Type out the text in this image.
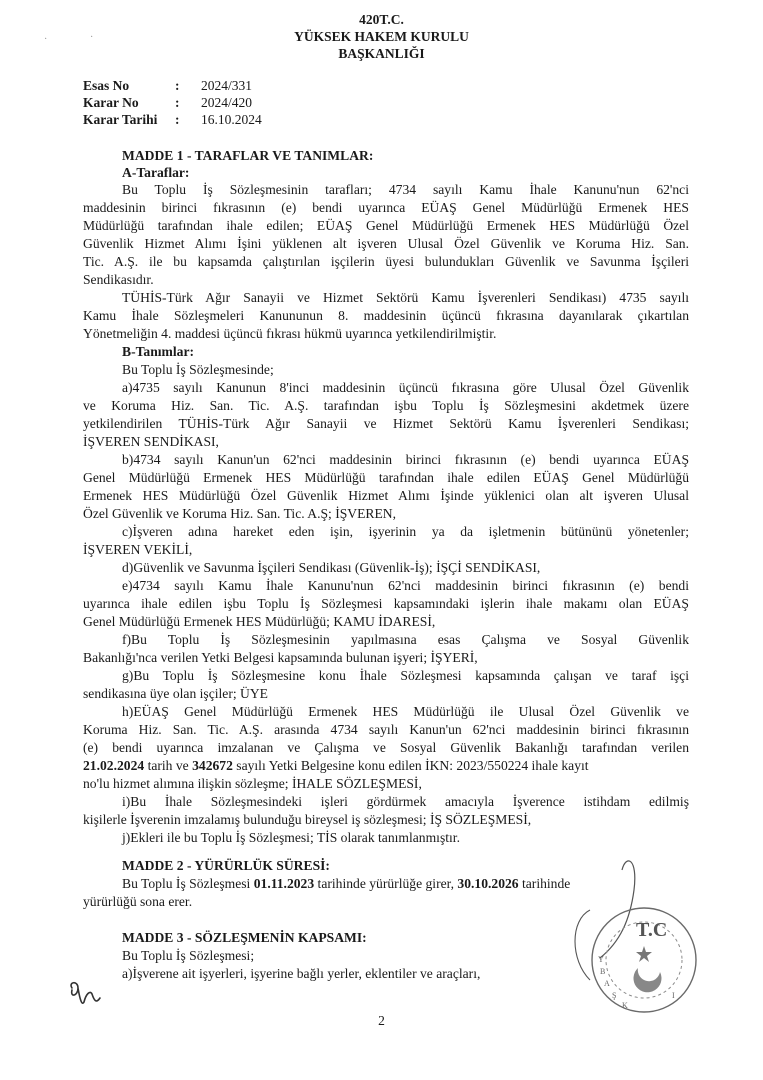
·	·
420T.C.
YÜKSEK HAKEM KURULU
BAŞKANLIĞI
Esas No	: 2024/331
Karar No	: 2024/420
Karar Tarihi : 16.10.2024
MADDE 1 - TARAFLAR VE TANIMLAR:
A-Taraflar:
Bu Toplu İş Sözleşmesinin tarafları; 4734 sayılı Kamu İhale Kanunu'nun 62'nci
maddesinin birinci fıkrasının (e) bendi uyarınca EÜAŞ Genel Müdürlüğü Ermenek HES
Müdürlüğü tarafından ihale edilen; EÜAŞ Genel Müdürlüğü Ermenek HES Müdürlüğü Özel
Güvenlik Hizmet Alımı İşini yüklenen alt işveren Ulusal Özel Güvenlik ve Koruma Hiz. San.
Tic. A.Ş. ile bu kapsamda çalıştırılan işçilerin üyesi bulundukları Güvenlik ve Savunma İşçileri
Sendikasıdır.
TÜHİS-Türk Ağır Sanayii ve Hizmet Sektörü Kamu İşverenleri Sendikası) 4735 sayılı
Kamu İhale Sözleşmeleri Kanununun 8. maddesinin üçüncü fıkrasına dayanılarak çıkartılan
Yönetmeliğin 4. maddesi üçüncü fıkrası hükmü uyarınca yetkilendirilmiştir.
B-Tanımlar:
Bu Toplu İş Sözleşmesinde;
a)4735 sayılı Kanunun 8'inci maddesinin üçüncü fıkrasına göre Ulusal Özel Güvenlik
ve Koruma Hiz. San. Tic. A.Ş. tarafından işbu Toplu İş Sözleşmesini akdetmek üzere
yetkilendirilen TÜHİS-Türk Ağır Sanayii ve Hizmet Sektörü Kamu İşverenleri Sendikası;
İŞVEREN SENDİKASI,
b)4734 sayılı Kanun'un 62'nci maddesinin birinci fıkrasının (e) bendi uyarınca EÜAŞ
Genel Müdürlüğü Ermenek HES Müdürlüğü tarafından ihale edilen EÜAŞ Genel Müdürlüğü
Ermenek HES Müdürlüğü Özel Güvenlik Hizmet Alımı İşinde yüklenici olan alt işveren Ulusal
Özel Güvenlik ve Koruma Hiz. San. Tic. A.Ş; İŞVEREN,
c)İşveren adına hareket eden işin, işyerinin ya da işletmenin bütününü yönetenler;
İŞVEREN VEKİLİ,
d)Güvenlik ve Savunma İşçileri Sendikası (Güvenlik-İş); İŞÇİ SENDİKASI,
e)4734 sayılı Kamu İhale Kanunu'nun 62'nci maddesinin birinci fıkrasının (e) bendi
uyarınca ihale edilen işbu Toplu İş Sözleşmesi kapsamındaki işlerin ihale makamı olan EÜAŞ
Genel Müdürlüğü Ermenek HES Müdürlüğü; KAMU İDARESİ,
f)Bu Toplu İş Sözleşmesinin yapılmasına esas Çalışma ve Sosyal Güvenlik
Bakanlığı'nca verilen Yetki Belgesi kapsamında bulunan işyeri; İŞYERİ,
g)Bu Toplu İş Sözleşmesine konu İhale Sözleşmesi kapsamında çalışan ve taraf işçi
sendikasına üye olan işçiler; ÜYE
h)EÜAŞ Genel Müdürlüğü Ermenek HES Müdürlüğü ile Ulusal Özel Güvenlik ve
Koruma Hiz. San. Tic. A.Ş. arasında 4734 sayılı Kanun'un 62'nci maddesinin birinci fıkrasının
(e) bendi uyarınca imzalanan ve Çalışma ve Sosyal Güvenlik Bakanlığı tarafından verilen
21.02.2024 tarih ve 342672 sayılı Yetki Belgesine konu edilen İKN: 2023/550224 ihale kayıt
no'lu hizmet alımına ilişkin sözleşme; İHALE SÖZLEŞMESİ,
i)Bu İhale Sözleşmesindeki işleri gördürmek amacıyla İşverence istihdam edilmiş
kişilerle İşverenin imzalamış bulunduğu bireysel iş sözleşmesi; İŞ SÖZLEŞMESİ,
j)Ekleri ile bu Toplu İş Sözleşmesi; TİS olarak tanımlanmıştır.
MADDE 2 - YÜRÜRLÜK SÜRESİ:
Bu Toplu İş Sözleşmesi 01.11.2023 tarihinde yürürlüğe girer, 30.10.2026 tarihinde
yürürlüğü sona erer.
MADDE 3 - SÖZLEŞMENİN KAPSAMI:
Bu Toplu İş Sözleşmesi;
a)İşverene ait işyerleri, işyerine bağlı yerler, eklentiler ve araçları,
T.C
Y
B
A
Ş
K
I
2
